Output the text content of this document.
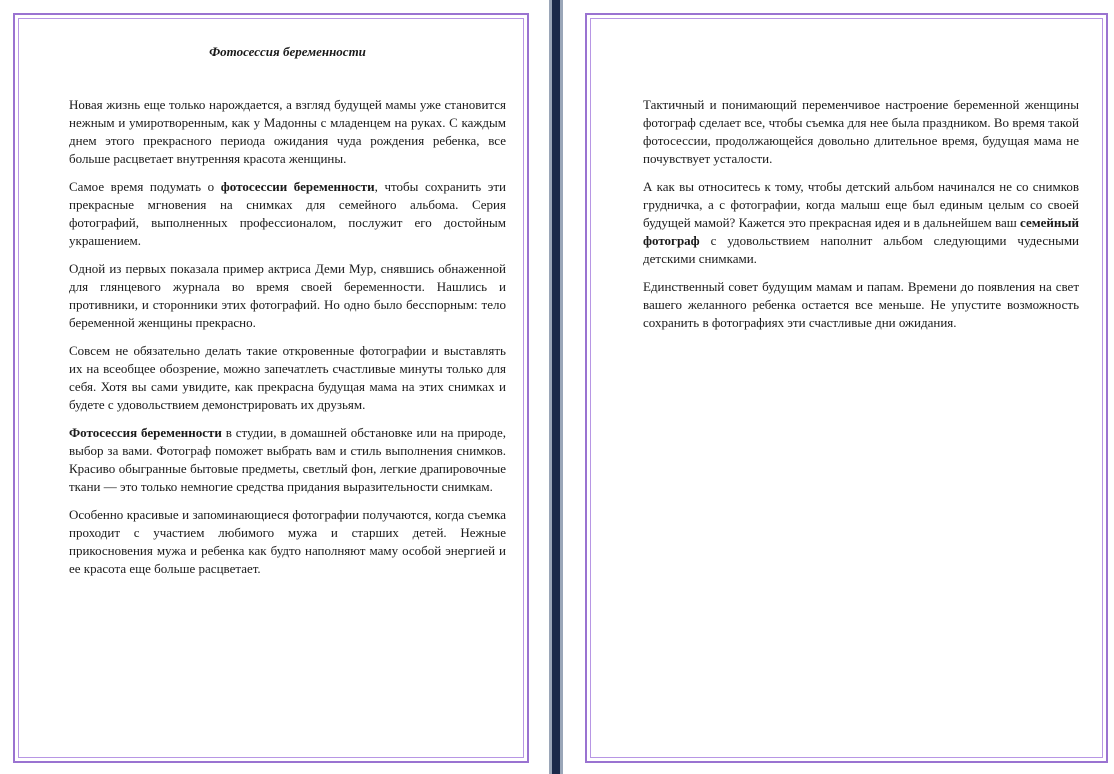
Фотосессия беременности

Новая жизнь еще только нарождается, а взгляд будущей мамы уже становится нежным и умиротворенным, как у Мадонны с младенцем на руках. С каждым днем этого прекрасного периода ожидания чуда рождения ребенка, все больше расцветает внутренняя красота женщины.

Самое время подумать о фотосессии беременности, чтобы сохранить эти прекрасные мгновения на снимках для семейного альбома. Серия фотографий, выполненных профессионалом, послужит его достойным украшением.

Одной из первых показала пример актриса Деми Мур, снявшись обнаженной для глянцевого журнала во время своей беременности. Нашлись и противники, и сторонники этих фотографий. Но одно было бесспорным: тело беременной женщины прекрасно.

Совсем не обязательно делать такие откровенные фотографии и выставлять их на всеобщее обозрение, можно запечатлеть счастливые минуты только для себя. Хотя вы сами увидите, как прекрасна будущая мама на этих снимках и будете с удовольствием демонстрировать их друзьям.

Фотосессия беременности в студии, в домашней обстановке или на природе, выбор за вами. Фотограф поможет выбрать вам и стиль выполнения снимков. Красиво обыгранные бытовые предметы, светлый фон, легкие драпировочные ткани — это только немногие средства придания выразительности снимкам.

Особенно красивые и запоминающиеся фотографии получаются, когда съемка проходит с участием любимого мужа и старших детей. Нежные прикосновения мужа и ребенка как будто наполняют маму особой энергией и ее красота еще больше расцветает.

Тактичный и понимающий переменчивое настроение беременной женщины фотограф сделает все, чтобы съемка для нее была праздником. Во время такой фотосессии, продолжающейся довольно длительное время, будущая мама не почувствует усталости.

А как вы относитесь к тому, чтобы детский альбом начинался не со снимков грудничка, а с фотографии, когда малыш еще был единым целым со своей будущей мамой? Кажется это прекрасная идея и в дальнейшем ваш семейный фотограф с удовольствием наполнит альбом следующими чудесными детскими снимками.

Единственный совет будущим мамам и папам. Времени до появления на свет вашего желанного ребенка остается все меньше. Не упустите возможность сохранить в фотографиях эти счастливые дни ожидания.
